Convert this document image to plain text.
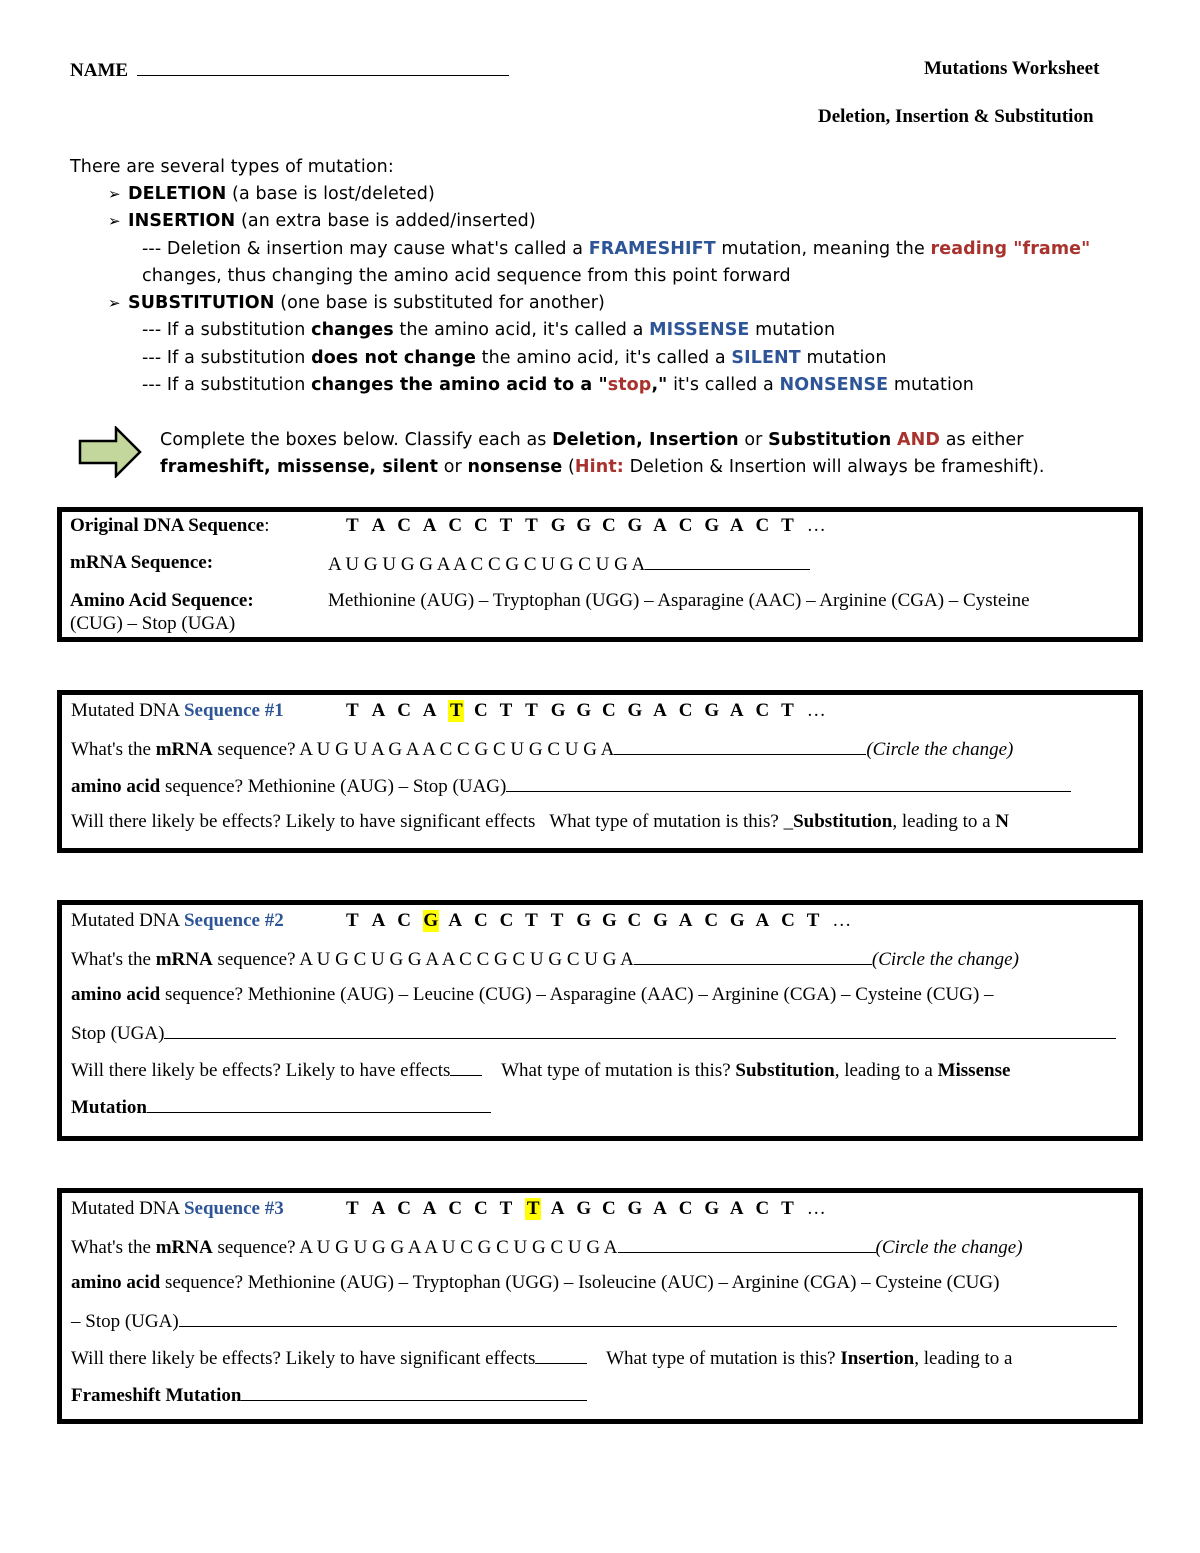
NAME	Mutations Worksheet
Deletion, Insertion & Substitution
There are several types of mutation:
➢ DELETION (a base is lost/deleted)
➢ INSERTION (an extra base is added/inserted)
--- Deletion & insertion may cause what's called a FRAMESHIFT mutation, meaning the reading "frame"
changes, thus changing the amino acid sequence from this point forward
➢ SUBSTITUTION (one base is substituted for another)
--- If a substitution changes the amino acid, it's called a MISSENSE mutation
--- If a substitution does not change the amino acid, it's called a SILENT mutation
--- If a substitution changes the amino acid to a "stop," it's called a NONSENSE mutation
Complete the boxes below. Classify each as Deletion, Insertion or Substitution AND as either
frameshift, missense, silent or nonsense (Hint: Deletion & Insertion will always be frameshift).
Original DNA Sequence:	T A C A C C T T G G C G A C G A C T …
mRNA Sequence:	A U G U G G A A C C G C U G C U G A
Amino Acid Sequence:	Methionine (AUG) – Tryptophan (UGG) – Asparagine (AAC) – Arginine (CGA) – Cysteine
(CUG) – Stop (UGA)
Mutated DNA Sequence #1	T A C A T C T T G G C G A C G A C T …
What's the mRNA sequence? A U G U A G A A C C G C U G C U G A	(Circle the change)
amino acid sequence? Methionine (AUG) – Stop (UAG)
Will there likely be effects? Likely to have significant effects What type of mutation is this? _Substitution, leading to a N
Mutated DNA Sequence #2	T A C G A C C T T G G C G A C G A C T …
What's the mRNA sequence? A U G C U G G A A C C G C U G C U G A	(Circle the change)
amino acid sequence? Methionine (AUG) – Leucine (CUG) – Asparagine (AAC) – Arginine (CGA) – Cysteine (CUG) –
Stop (UGA)
Will there likely be effects? Likely to have effects	What type of mutation is this? Substitution, leading to a Missense
Mutation
Mutated DNA Sequence #3	T A C A C C T T A G C G A C G A C T …
What's the mRNA sequence? A U G U G G A A U C G C U G C U G A	(Circle the change)
amino acid sequence? Methionine (AUG) – Tryptophan (UGG) – Isoleucine (AUC) – Arginine (CGA) – Cysteine (CUG)
– Stop (UGA)
Will there likely be effects? Likely to have significant effects	What type of mutation is this? Insertion, leading to a
Frameshift Mutation
